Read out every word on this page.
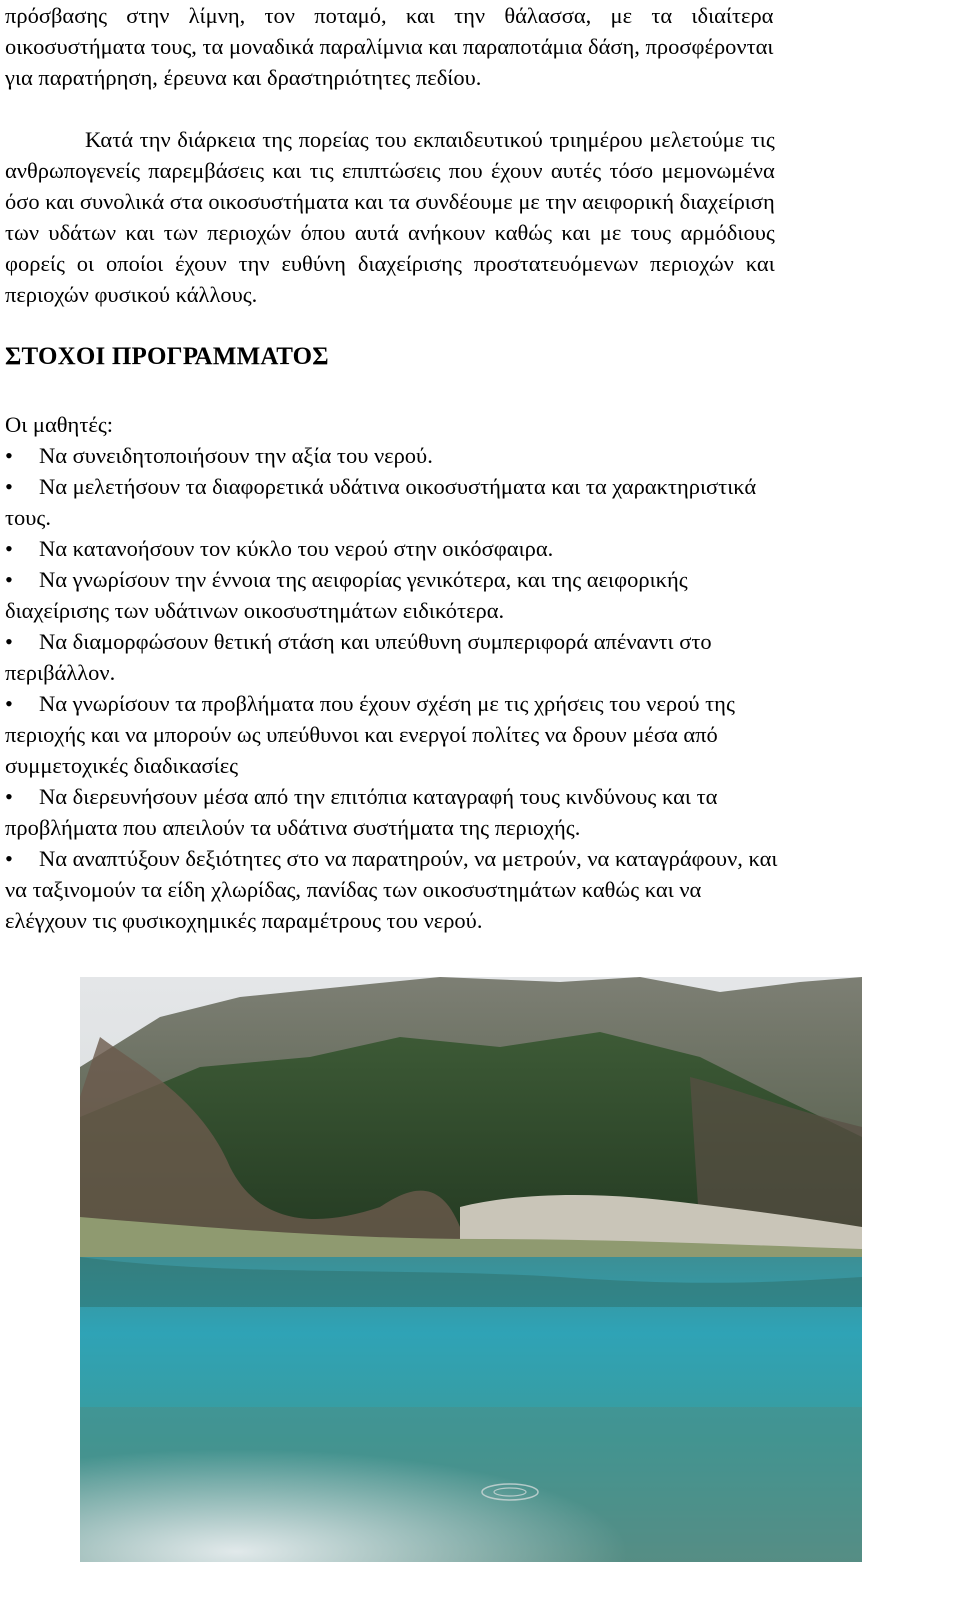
πρόσβασης στην λίμνη, τον ποταμό, και την θάλασσα, με τα ιδιαίτερα
οικοσυστήματα τους, τα μοναδικά παραλίμνια και παραποτάμια δάση, προσφέρονται
για παρατήρηση, έρευνα και δραστηριότητες πεδίου.

Κατά την διάρκεια της πορείας του εκπαιδευτικού τριημέρου μελετούμε τις
ανθρωπογενείς παρεμβάσεις και τις επιπτώσεις που έχουν αυτές τόσο μεμονωμένα
όσο και συνολικά στα οικοσυστήματα και τα συνδέουμε με την αειφορική διαχείριση
των υδάτων και των περιοχών όπου αυτά ανήκουν καθώς και με τους αρμόδιους
φορείς οι οποίοι έχουν την ευθύνη διαχείρισης προστατευόμενων περιοχών και
περιοχών φυσικού κάλλους.

ΣΤΟΧΟΙ ΠΡΟΓΡΑΜΜΑΤΟΣ

Οι μαθητές:

• Να συνειδητοποιήσουν την αξία του νερού.
• Να μελετήσουν τα διαφορετικά υδάτινα οικοσυστήματα και τα χαρακτηριστικά
τους.
• Να κατανοήσουν τον κύκλο του νερού στην οικόσφαιρα.
• Να γνωρίσουν την έννοια της αειφορίας γενικότερα, και της αειφορικής
διαχείρισης των υδάτινων οικοσυστημάτων ειδικότερα.
• Να διαμορφώσουν θετική στάση και υπεύθυνη συμπεριφορά απέναντι στο
περιβάλλον.
• Να γνωρίσουν τα προβλήματα που έχουν σχέση με τις χρήσεις του νερού της
περιοχής και να μπορούν ως υπεύθυνοι και ενεργοί πολίτες να δρουν μέσα από
συμμετοχικές διαδικασίες
• Να διερευνήσουν μέσα από την επιτόπια καταγραφή τους κινδύνους και τα
προβλήματα που απειλούν τα υδάτινα συστήματα της περιοχής.
• Να αναπτύξουν δεξιότητες στο να παρατηρούν, να μετρούν, να καταγράφουν, και
να ταξινομούν τα είδη χλωρίδας, πανίδας των οικοσυστημάτων καθώς και να
ελέγχουν τις φυσικοχημικές παραμέτρους του νερού.
